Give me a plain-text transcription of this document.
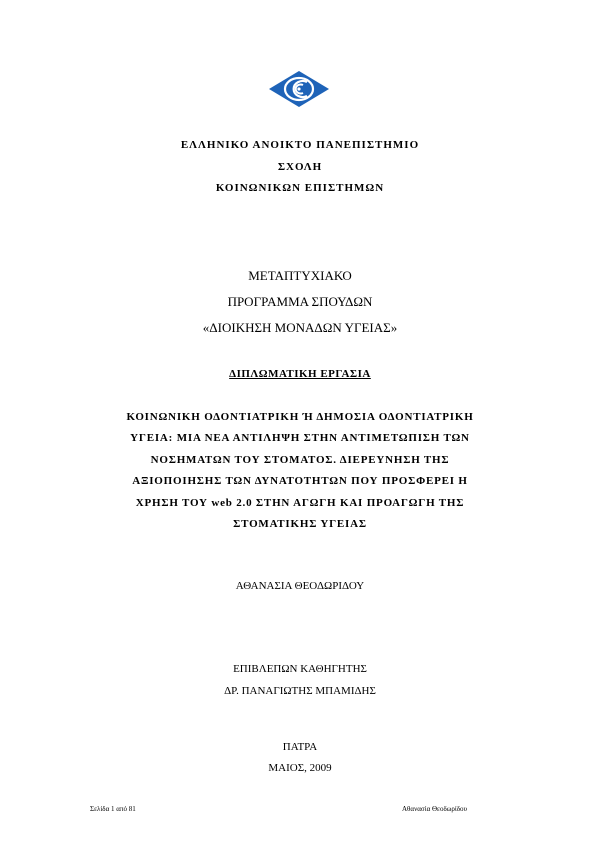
ΕΛΛΗΝΙΚΟ ΑΝΟΙΚΤΟ ΠΑΝΕΠΙΣΤΗΜΙΟ
ΣΧΟΛΗ
ΚΟΙΝΩΝΙΚΩΝ ΕΠΙΣΤΗΜΩΝ
ΜΕΤΑΠΤΥΧΙΑΚΟ
ΠΡΟΓΡΑΜΜΑ ΣΠΟΥΔΩΝ
«ΔΙΟΙΚΗΣΗ ΜΟΝΑΔΩΝ ΥΓΕΙΑΣ»
ΔΙΠΛΩΜΑΤΙΚΗ ΕΡΓΑΣΙΑ
ΚΟΙΝΩΝΙΚΗ ΟΔΟΝΤΙΑΤΡΙΚΗ Ή ΔΗΜΟΣΙΑ ΟΔΟΝΤΙΑΤΡΙΚΗ
ΥΓΕΙΑ: ΜΙΑ ΝΕΑ ΑΝΤΙΛΗΨΗ ΣΤΗΝ ΑΝΤΙΜΕΤΩΠΙΣΗ ΤΩΝ
ΝΟΣΗΜΑΤΩΝ ΤΟΥ ΣΤΟΜΑΤΟΣ. ΔΙΕΡΕΥΝΗΣΗ ΤΗΣ
ΑΞΙΟΠΟΙΗΣΗΣ ΤΩΝ ΔΥΝΑΤΟΤΗΤΩΝ ΠΟΥ ΠΡΟΣΦΕΡΕΙ Η
ΧΡΗΣΗ ΤΟΥ web 2.0 ΣΤΗΝ ΑΓΩΓΗ ΚΑΙ ΠΡΟΑΓΩΓΗ ΤΗΣ
ΣΤΟΜΑΤΙΚΗΣ ΥΓΕΙΑΣ
ΑΘΑΝΑΣΙΑ ΘΕΟΔΩΡΙΔΟΥ
ΕΠΙΒΛΕΠΩΝ ΚΑΘΗΓΗΤΗΣ
ΔΡ. ΠΑΝΑΓΙΩΤΗΣ ΜΠΑΜΙΔΗΣ
ΠΑΤΡΑ
ΜΑΙΟΣ, 2009
Σελίδα 1 από 81	Αθανασία Θεοδωρίδου
